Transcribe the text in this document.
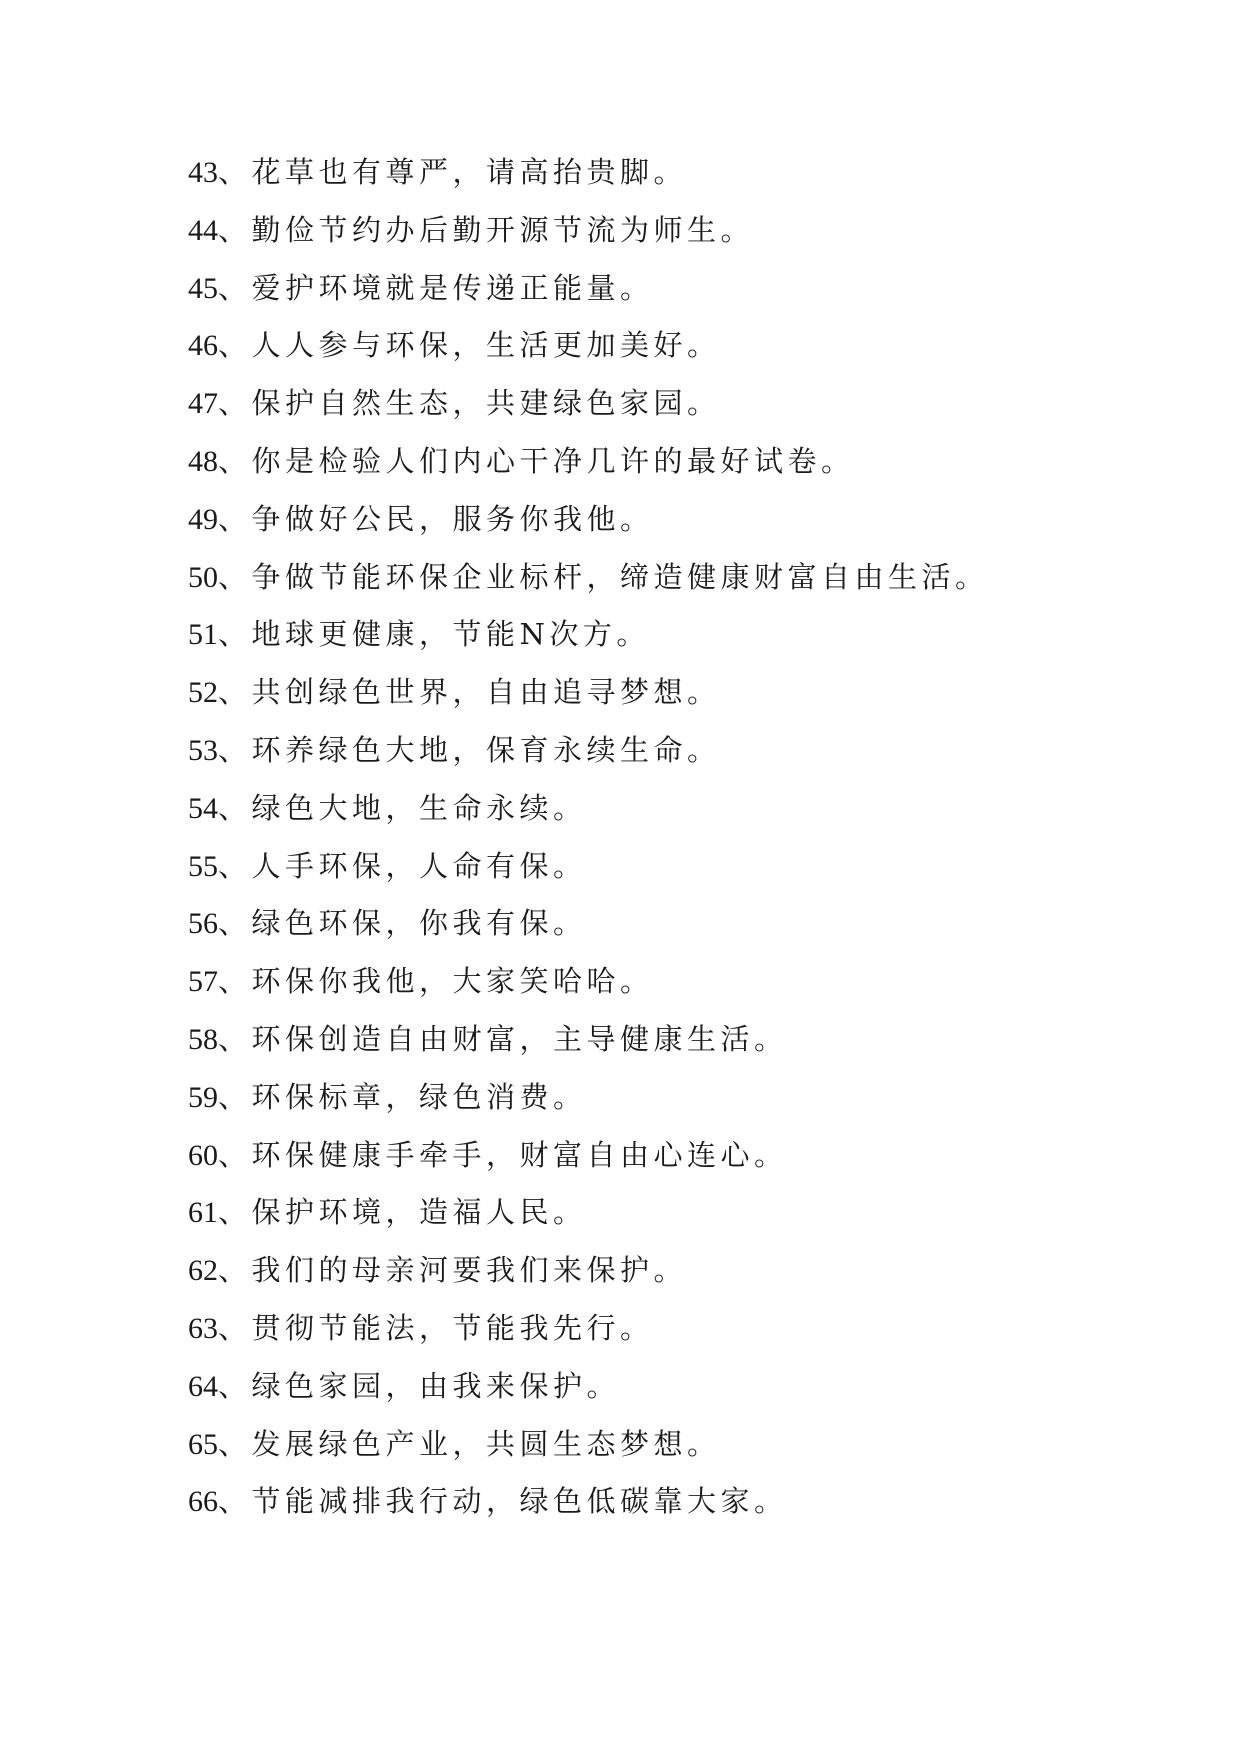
43 、花草也有尊严，请高抬贵脚。
44 、勤俭节约办后勤开源节流为师生。
45 、爱护环境就是传递正能量。
46 、人人参与环保，生活更加美好。
47 、保护自然生态，共建绿色家园。
48 、你是检验人们内心干净几许的最好试卷。
49 、争做好公民，服务你我他。
50 、争做节能环保企业标杆，缔造健康财富自由生活。
51 、地球更健康，节能N次方。
52 、共创绿色世界，自由追寻梦想。
53 、环养绿色大地，保育永续生命。
54 、绿色大地，生命永续。
55 、人手环保，人命有保。
56 、绿色环保，你我有保。
57 、环保你我他，大家笑哈哈。
58 、环保创造自由财富，主导健康生活。
59 、环保标章，绿色消费。
60 、环保健康手牵手，财富自由心连心。
61 、保护环境，造福人民。
62 、我们的母亲河要我们来保护。
63 、贯彻节能法，节能我先行。
64 、绿色家园，由我来保护。
65 、发展绿色产业，共圆生态梦想。
66 、节能减排我行动，绿色低碳靠大家。
